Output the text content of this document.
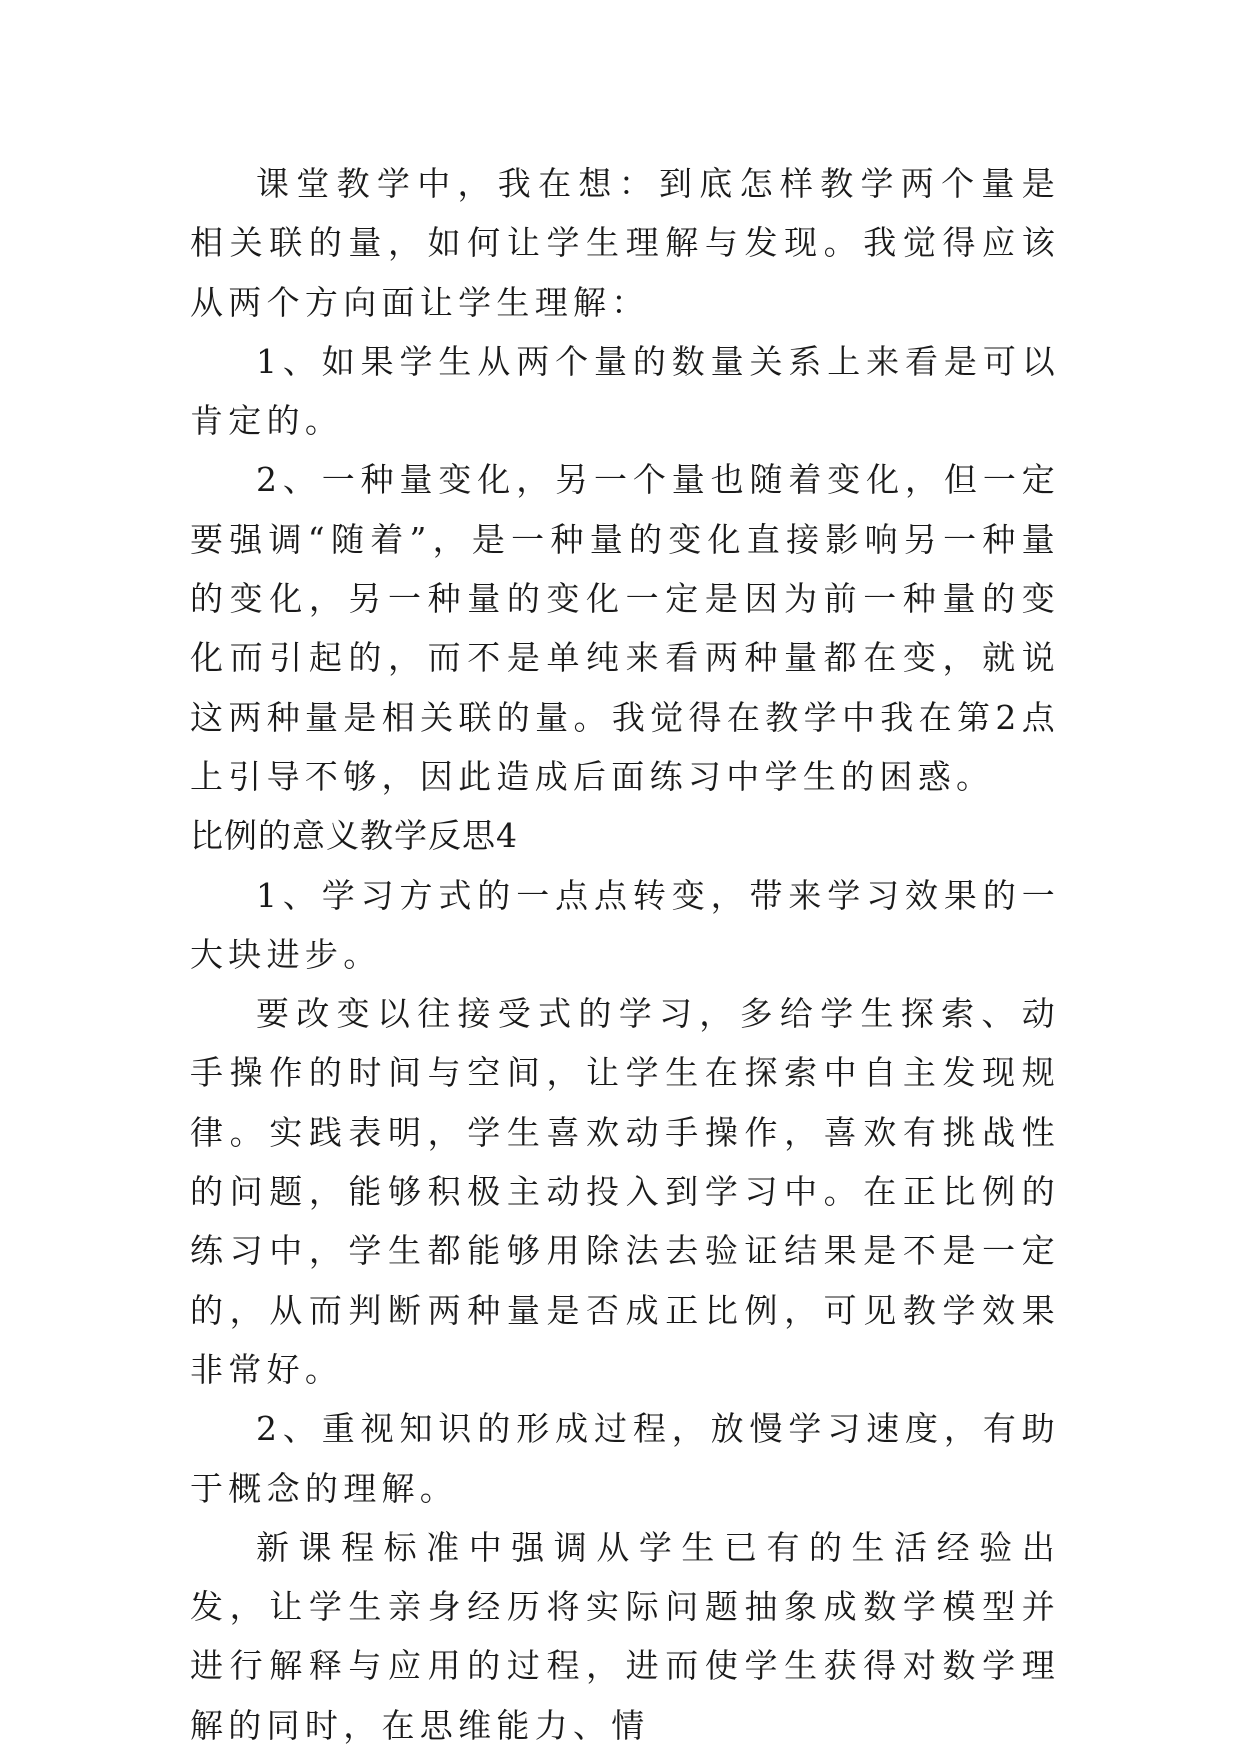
课堂教学中，我在想：到底怎样教学两个量是相关联的量，如何让学生理解与发现。我觉得应该从两个方向面让学生理解：

1、如果学生从两个量的数量关系上来看是可以肯定的。

2、一种量变化，另一个量也随着变化，但一定要强调“随着”，是一种量的变化直接影响另一种量的变化，另一种量的变化一定是因为前一种量的变化而引起的，而不是单纯来看两种量都在变，就说这两种量是相关联的量。我觉得在教学中我在第2点上引导不够，因此造成后面练习中学生的困惑。

比例的意义教学反思4

1、学习方式的一点点转变，带来学习效果的一大块进步。

要改变以往接受式的学习，多给学生探索、动手操作的时间与空间，让学生在探索中自主发现规律。实践表明，学生喜欢动手操作，喜欢有挑战性的问题，能够积极主动投入到学习中。在正比例的练习中，学生都能够用除法去验证结果是不是一定的，从而判断两种量是否成正比例，可见教学效果非常好。

2、重视知识的形成过程，放慢学习速度，有助于概念的理解。

新课程标准中强调从学生已有的生活经验出发，让学生亲身经历将实际问题抽象成数学模型并进行解释与应用的过程，进而使学生获得对数学理解的同时，在思维能力、情
